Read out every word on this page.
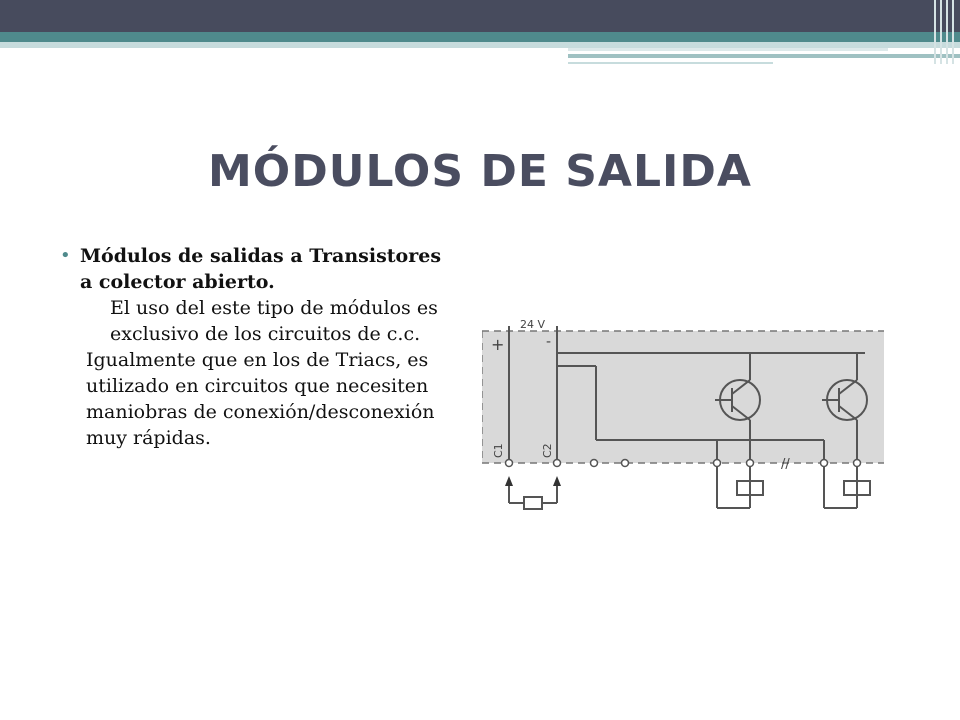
MÓDULOS DE SALIDA
• Módulos de salidas a Transistores a colector abierto.
El uso del este tipo de módulos es exclusivo de los circuitos de c.c.
Igualmente que en los de Triacs, es utilizado en circuitos que necesiten maniobras de conexión/desconexión muy rápidas.
24 V
+	-
C1	C2
//
